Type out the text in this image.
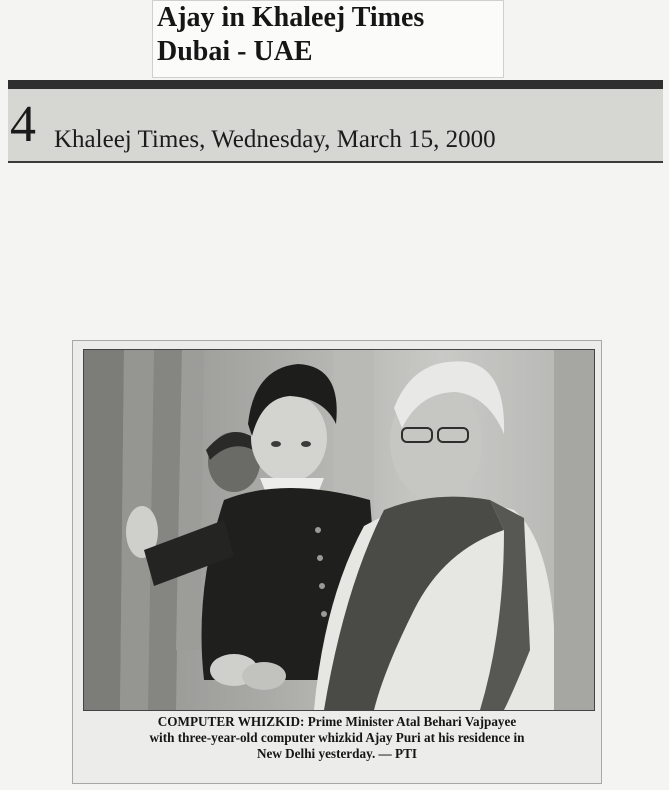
Ajay in Khaleej Times
Dubai - UAE
4 Khaleej Times, Wednesday, March 15, 2000
COMPUTER WHIZKID: Prime Minister Atal Behari Vajpayee
with three-year-old computer whizkid Ajay Puri at his residence in
New Delhi yesterday. — PTI
